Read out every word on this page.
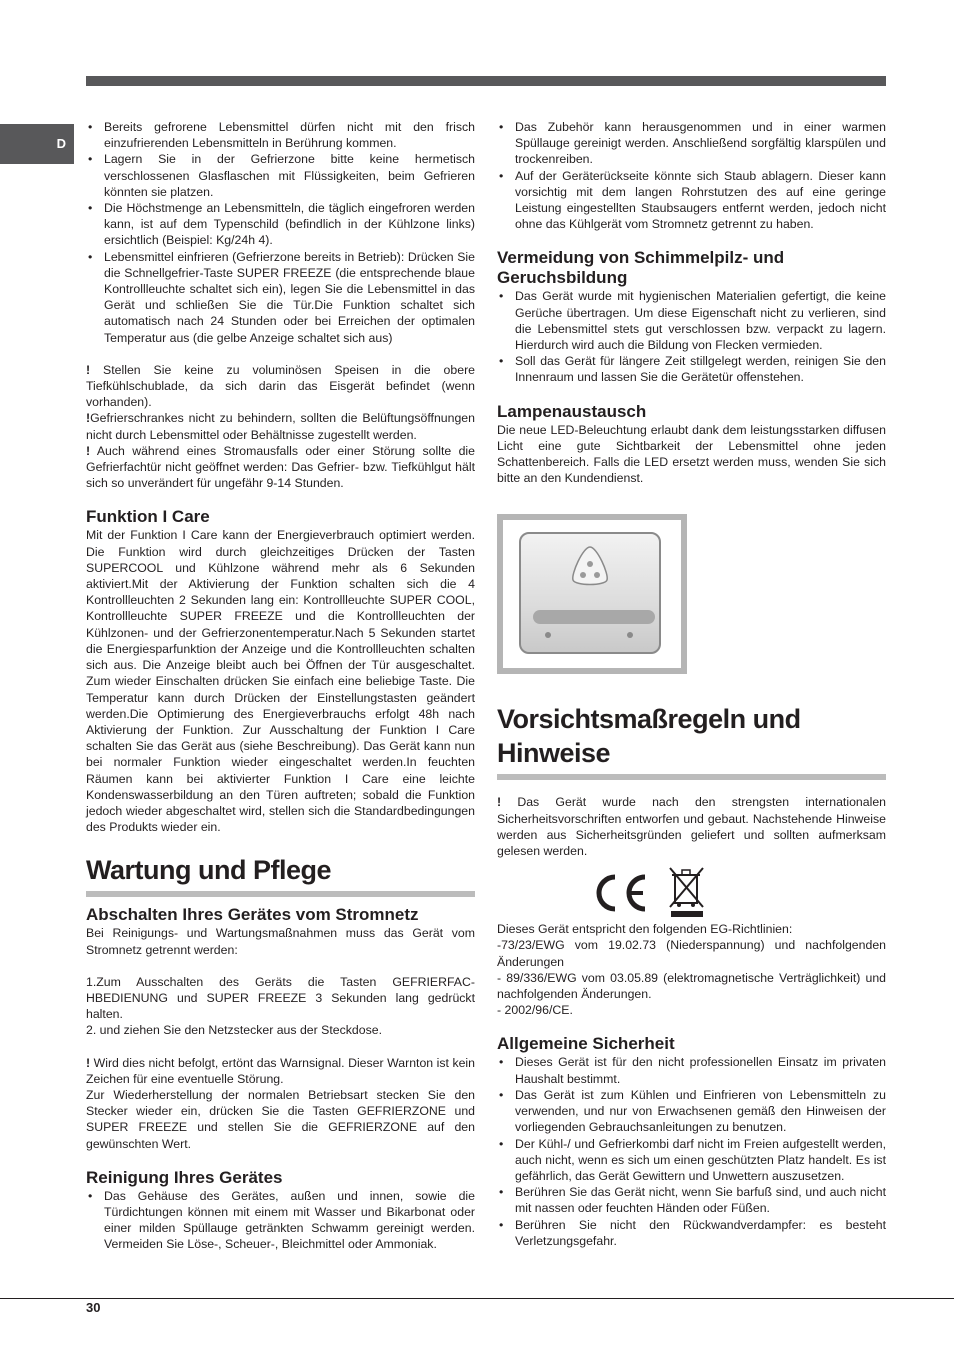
D
• Bereits gefrorene Lebensmittel dürfen nicht mit den frisch einzufrierenden Lebensmitteln in Berührung kommen.
• Lagern Sie in der Gefrierzone bitte keine hermetisch verschlossenen Glasflaschen mit Flüssigkeiten, beim Gefrieren könnten sie platzen.
• Die Höchstmenge an Lebensmitteln, die täglich eingefroren werden kann, ist auf dem Typenschild (befindlich in der Kühlzone links) ersichtlich (Beispiel: Kg/24h 4).
• Lebensmittel einfrieren (Gefrierzone bereits in Betrieb): Drücken Sie die Schnellgefrier-Taste SUPER FREEZE (die entsprechende blaue Kontrollleuchte schaltet sich ein), legen Sie die Lebensmittel in das Gerät und schließen Sie die Tür.Die Funktion schaltet sich automatisch nach 24 Stunden oder bei Erreichen der optimalen Temperatur aus (die gelbe Anzeige schaltet sich aus)

! Stellen Sie keine zu voluminösen Speisen in die obere Tiefkühlschublade, da sich darin das Eisgerät befindet (wenn vorhanden).

!Gefrierschrankes nicht zu behindern, sollten die Belüftungsöffnungen nicht durch Lebensmittel oder Behältnisse zugestellt werden.

! Auch während eines Stromausfalls oder einer Störung sollte die Gefrierfachtür nicht geöffnet werden: Das Gefrier- bzw. Tiefkühlgut hält sich so unverändert für ungefähr 9-14 Stunden.

Funktion I Care

Mit der Funktion I Care kann der Energieverbrauch optimiert werden. Die Funktion wird durch gleichzeitiges Drücken der Tasten SUPERCOOL und Kühlzone während mehr als 6 Sekunden aktiviert.Mit der Aktivierung der Funktion schalten sich die 4 Kontrollleuchten 2 Sekunden lang ein: Kontrollleuchte SUPER COOL, Kontrollleuchte SUPER FREEZE und die Kontrollleuchten der Kühlzonen- und der Gefrierzonentemperatur.Nach 5 Sekunden startet die Energiesparfunktion der Anzeige und die Kontrollleuchten schalten sich aus. Die Anzeige bleibt auch bei Öffnen der Tür ausgeschaltet. Zum wieder Einschalten drücken Sie einfach eine beliebige Taste. Die Temperatur kann durch Drücken der Einstellungstasten geändert werden.Die Optimierung des Energieverbrauchs erfolgt 48h nach Aktivierung der Funktion. Zur Ausschaltung der Funktion I Care schalten Sie das Gerät aus (siehe Beschreibung). Das Gerät kann nun bei normaler Funktion wieder eingeschaltet werden.In feuchten Räumen kann bei aktivierter Funktion I Care eine leichte Kondenswasserbildung an den Türen auftreten; sobald die Funktion jedoch wieder abgeschaltet wird, stellen sich die Standardbedingungen des Produkts wieder ein.

Wartung und Pflege
Abschalten Ihres Gerätes vom Stromnetz

Bei Reinigungs- und Wartungsmaßnahmen muss das Gerät vom Stromnetz getrennt werden:

1.Zum Ausschalten des Geräts die Tasten GEFRIERFAC-HBEDIENUNG und SUPER FREEZE 3 Sekunden lang gedrückt halten.

2. und ziehen Sie den Netzstecker aus der Steckdose.

! Wird dies nicht befolgt, ertönt das Warnsignal. Dieser Warnton ist kein Zeichen für eine eventuelle Störung.

Zur Wiederherstellung der normalen Betriebsart stecken Sie den Stecker wieder ein, drücken Sie die Tasten GEFRIERZONE und SUPER FREEZE und stellen Sie die GEFRIERZONE auf den gewünschten Wert.

Reinigung Ihres Gerätes
• Das Gehäuse des Gerätes, außen und innen, sowie die Türdichtungen können mit einem mit Wasser und Bikarbonat oder einer milden Spüllauge getränkten Schwamm gereinigt werden. Vermeiden Sie Löse-, Scheuer-, Bleichmittel oder Ammoniak.
• Das Zubehör kann herausgenommen und in einer warmen Spüllauge gereinigt werden. Anschließend sorgfältig klarspülen und trockenreiben.
• Auf der Geräterückseite könnte sich Staub ablagern. Dieser kann vorsichtig mit dem langen Rohrstutzen des auf eine geringe Leistung eingestellten Staubsaugers entfernt werden, jedoch nicht ohne das Kühlgerät vom Stromnetz getrennt zu haben.
Vermeidung von Schimmelpilz- und Geruchsbildung
• Das Gerät wurde mit hygienischen Materialien gefertigt, die keine Gerüche übertragen. Um diese Eigenschaft nicht zu verlieren, sind die Lebensmittel stets gut verschlossen bzw. verpackt zu lagern. Hierdurch wird auch die Bildung von Flecken vermieden.
• Soll das Gerät für längere Zeit stillgelegt werden, reinigen Sie den Innenraum und lassen Sie die Gerätetür offenstehen.
Lampenaustausch

Die neue LED-Beleuchtung erlaubt dank dem leistungsstarken diffusen Licht eine gute Sichtbarkeit der Lebensmittel ohne jeden Schattenbereich. Falls die LED ersetzt werden muss, wenden Sie sich bitte an den Kundendienst.

Vorsichtsmaßregeln und Hinweise

! Das Gerät wurde nach den strengsten internationalen Sicherheitsvorschriften entworfen und gebaut. Nachstehende Hinweise werden aus Sicherheitsgründen geliefert und sollten aufmerksam gelesen werden.

Dieses Gerät entspricht den folgenden EG-Richtlinien:

-73/23/EWG vom 19.02.73 (Niederspannung) und nachfolgenden Änderungen

- 89/336/EWG vom 03.05.89 (elektromagnetische Verträglichkeit) und nachfolgenden Änderungen.

- 2002/96/CE.

Allgemeine Sicherheit
• Dieses Gerät ist für den nicht professionellen Einsatz im privaten Haushalt bestimmt.
• Das Gerät ist zum Kühlen und Einfrieren von Lebensmitteln zu verwenden, und nur von Erwachsenen gemäß den Hinweisen der vorliegenden Gebrauchsanleitungen zu benutzen.
• Der Kühl-/ und Gefrierkombi darf nicht im Freien aufgestellt werden, auch nicht, wenn es sich um einen geschützten Platz handelt. Es ist gefährlich, das Gerät Gewittern und Unwettern auszusetzen.
• Berühren Sie das Gerät nicht, wenn Sie barfuß sind, und auch nicht mit nassen oder feuchten Händen oder Füßen.
• Berühren Sie nicht den Rückwandverdampfer: es besteht Verletzungsgefahr.
30
